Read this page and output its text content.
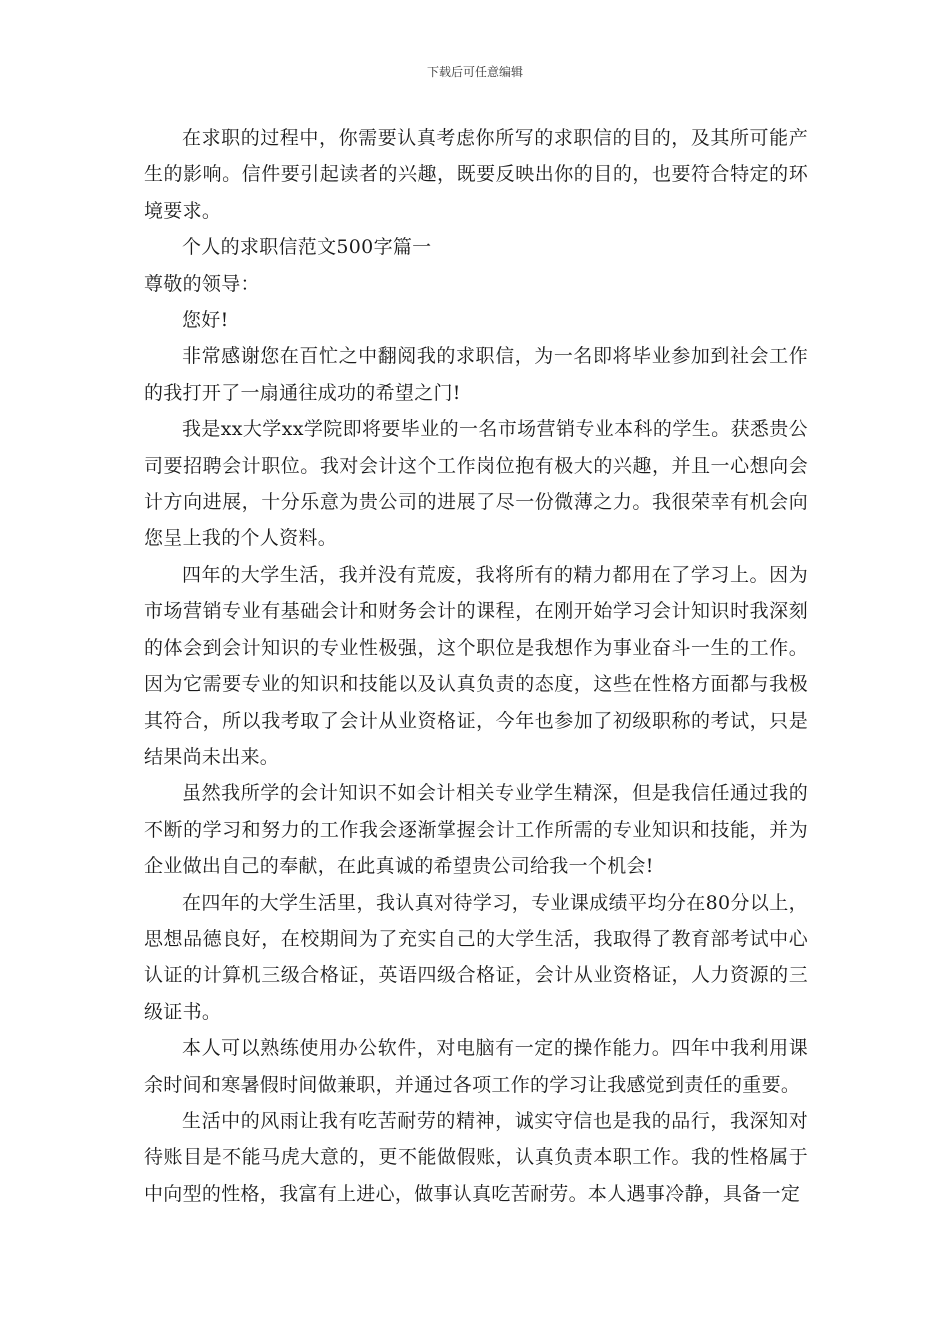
下载后可任意编辑

在求职的过程中，你需要认真考虑你所写的求职信的目的，及其所可能产生的影响。信件要引起读者的兴趣，既要反映出你的目的，也要符合特定的环境要求。

个人的求职信范文500字篇一

尊敬的领导：

您好!

非常感谢您在百忙之中翻阅我的求职信，为一名即将毕业参加到社会工作的我打开了一扇通往成功的希望之门!

我是xx大学xx学院即将要毕业的一名市场营销专业本科的学生。获悉贵公司要招聘会计职位。我对会计这个工作岗位抱有极大的兴趣，并且一心想向会计方向进展，十分乐意为贵公司的进展了尽一份微薄之力。我很荣幸有机会向您呈上我的个人资料。

四年的大学生活，我并没有荒废，我将所有的精力都用在了学习上。因为市场营销专业有基础会计和财务会计的课程，在刚开始学习会计知识时我深刻的体会到会计知识的专业性极强，这个职位是我想作为事业奋斗一生的工作。因为它需要专业的知识和技能以及认真负责的态度，这些在性格方面都与我极其符合，所以我考取了会计从业资格证，今年也参加了初级职称的考试，只是结果尚未出来。

虽然我所学的会计知识不如会计相关专业学生精深，但是我信任通过我的不断的学习和努力的工作我会逐渐掌握会计工作所需的专业知识和技能，并为企业做出自己的奉献，在此真诚的希望贵公司给我一个机会!

在四年的大学生活里，我认真对待学习，专业课成绩平均分在80分以上，思想品德良好，在校期间为了充实自己的大学生活，我取得了教育部考试中心认证的计算机三级合格证，英语四级合格证，会计从业资格证，人力资源的三级证书。

本人可以熟练使用办公软件，对电脑有一定的操作能力。四年中我利用课余时间和寒暑假时间做兼职，并通过各项工作的学习让我感觉到责任的重要。

生活中的风雨让我有吃苦耐劳的精神，诚实守信也是我的品行，我深知对待账目是不能马虎大意的，更不能做假账，认真负责本职工作。我的性格属于中向型的性格，我富有上进心，做事认真吃苦耐劳。本人遇事冷静，具备一定
